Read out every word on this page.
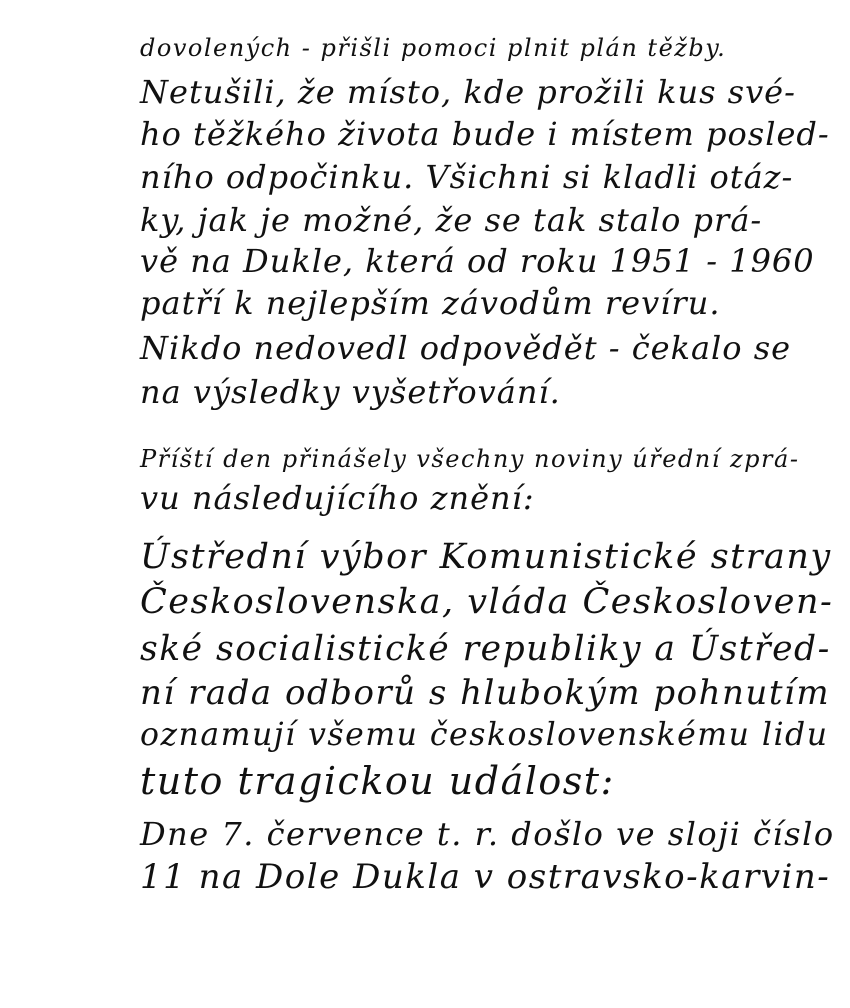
dovolených - přišli pomoci plnit plán těžby.
Netušili, že místo, kde prožili kus své-
ho těžkého života bude i místem posled-
ního odpočinku. Všichni si kladli otáz-
ky, jak je možné, že se tak stalo prá-
vě na Dukle, která od roku 1951 - 1960
patří k nejlepším závodům revíru.
Nikdo nedovedl odpovědět - čekalo se
na výsledky vyšetřování.
Příští den přinášely všechny noviny úřední zprá-
vu následujícího znění:
Ústřední výbor Komunistické strany
Československa, vláda Českosloven-
ské socialistické republiky a Ústřed-
ní rada odborů s hlubokým pohnutím
oznamují všemu československému lidu
tuto tragickou událost:
Dne 7. července t. r. došlo ve sloji číslo
11 na Dole Dukla v ostravsko-karvin-
